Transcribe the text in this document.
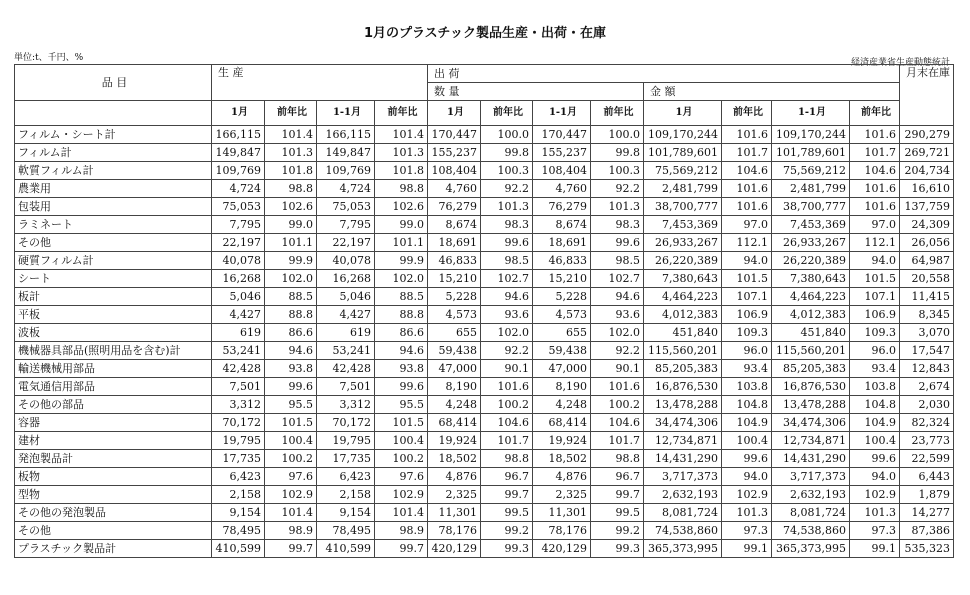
1月のプラスチック製品生産・出荷・在庫
単位:t、千円、%	経済産業省生産動態統計
品 目	生 産				出 荷								月末在庫
					数 量				金 額				
	1月	前年比	1-1月	前年比	1月	前年比	1-1月	前年比	1月	前年比	1-1月	前年比	
フィルム・シート計	166,115	101.4	166,115	101.4	170,447	100.0	170,447	100.0	109,170,244	101.6	109,170,244	101.6	290,279
フィルム計	149,847	101.3	149,847	101.3	155,237	99.8	155,237	99.8	101,789,601	101.7	101,789,601	101.7	269,721
軟質フィルム計	109,769	101.8	109,769	101.8	108,404	100.3	108,404	100.3	75,569,212	104.6	75,569,212	104.6	204,734
農業用	4,724	98.8	4,724	98.8	4,760	92.2	4,760	92.2	2,481,799	101.6	2,481,799	101.6	16,610
包装用	75,053	102.6	75,053	102.6	76,279	101.3	76,279	101.3	38,700,777	101.6	38,700,777	101.6	137,759
ラミネート	7,795	99.0	7,795	99.0	8,674	98.3	8,674	98.3	7,453,369	97.0	7,453,369	97.0	24,309
その他	22,197	101.1	22,197	101.1	18,691	99.6	18,691	99.6	26,933,267	112.1	26,933,267	112.1	26,056
硬質フィルム計	40,078	99.9	40,078	99.9	46,833	98.5	46,833	98.5	26,220,389	94.0	26,220,389	94.0	64,987
シート	16,268	102.0	16,268	102.0	15,210	102.7	15,210	102.7	7,380,643	101.5	7,380,643	101.5	20,558
板計	5,046	88.5	5,046	88.5	5,228	94.6	5,228	94.6	4,464,223	107.1	4,464,223	107.1	11,415
平板	4,427	88.8	4,427	88.8	4,573	93.6	4,573	93.6	4,012,383	106.9	4,012,383	106.9	8,345
波板	619	86.6	619	86.6	655	102.0	655	102.0	451,840	109.3	451,840	109.3	3,070
機械器具部品(照明用品を含む)計	53,241	94.6	53,241	94.6	59,438	92.2	59,438	92.2	115,560,201	96.0	115,560,201	96.0	17,547
輸送機械用部品	42,428	93.8	42,428	93.8	47,000	90.1	47,000	90.1	85,205,383	93.4	85,205,383	93.4	12,843
電気通信用部品	7,501	99.6	7,501	99.6	8,190	101.6	8,190	101.6	16,876,530	103.8	16,876,530	103.8	2,674
その他の部品	3,312	95.5	3,312	95.5	4,248	100.2	4,248	100.2	13,478,288	104.8	13,478,288	104.8	2,030
容器	70,172	101.5	70,172	101.5	68,414	104.6	68,414	104.6	34,474,306	104.9	34,474,306	104.9	82,324
建材	19,795	100.4	19,795	100.4	19,924	101.7	19,924	101.7	12,734,871	100.4	12,734,871	100.4	23,773
発泡製品計	17,735	100.2	17,735	100.2	18,502	98.8	18,502	98.8	14,431,290	99.6	14,431,290	99.6	22,599
板物	6,423	97.6	6,423	97.6	4,876	96.7	4,876	96.7	3,717,373	94.0	3,717,373	94.0	6,443
型物	2,158	102.9	2,158	102.9	2,325	99.7	2,325	99.7	2,632,193	102.9	2,632,193	102.9	1,879
その他の発泡製品	9,154	101.4	9,154	101.4	11,301	99.5	11,301	99.5	8,081,724	101.3	8,081,724	101.3	14,277
その他	78,495	98.9	78,495	98.9	78,176	99.2	78,176	99.2	74,538,860	97.3	74,538,860	97.3	87,386
プラスチック製品計	410,599	99.7	410,599	99.7	420,129	99.3	420,129	99.3	365,373,995	99.1	365,373,995	99.1	535,323
